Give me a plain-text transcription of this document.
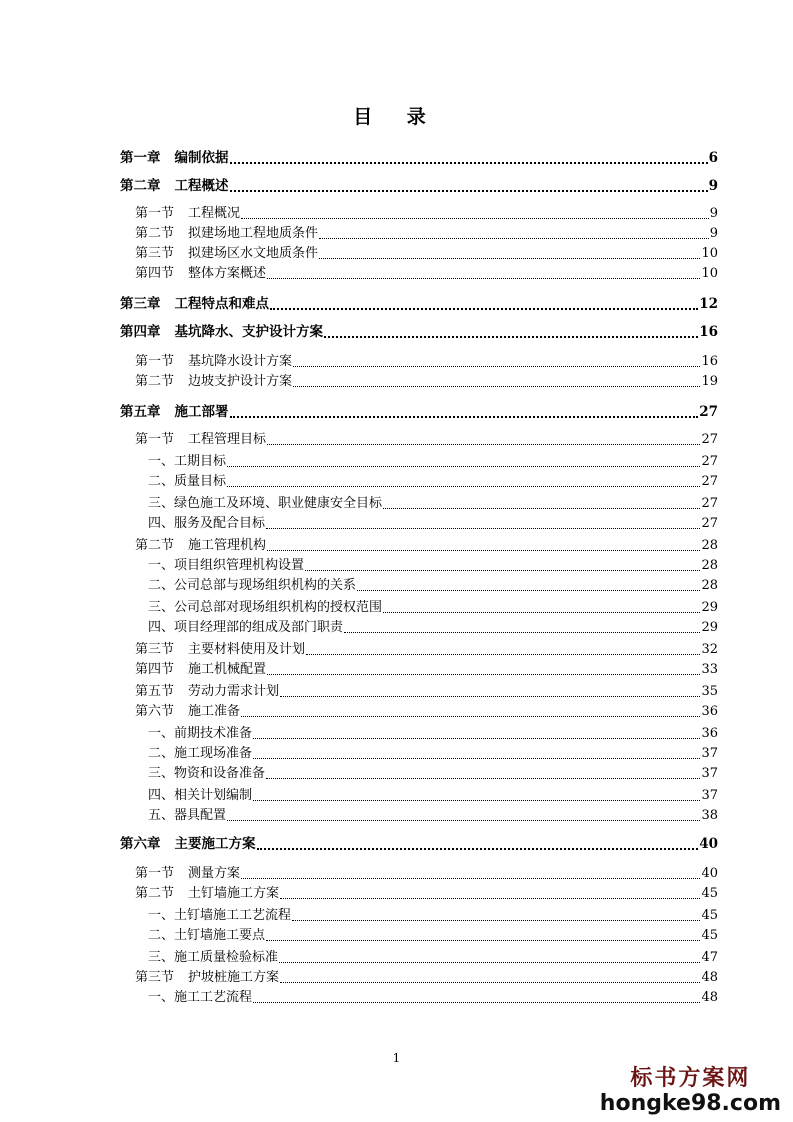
目 录
第一章 编制依据	6
第二章 工程概述	9
第一节 工程概况	9
第二节 拟建场地工程地质条件	9
第三节 拟建场区水文地质条件	10
第四节 整体方案概述	10
第三章 工程特点和难点	12
第四章 基坑降水、支护设计方案	16
第一节 基坑降水设计方案	16
第二节 边坡支护设计方案	19
第五章 施工部署	27
第一节 工程管理目标	27
一、工期目标	27
二、质量目标	27
三、绿色施工及环境、职业健康安全目标	27
四、服务及配合目标	27
第二节 施工管理机构	28
一、项目组织管理机构设置	28
二、公司总部与现场组织机构的关系	28
三、公司总部对现场组织机构的授权范围	29
四、项目经理部的组成及部门职责	29
第三节 主要材料使用及计划	32
第四节 施工机械配置	33
第五节 劳动力需求计划	35
第六节 施工准备	36
一、前期技术准备	36
二、施工现场准备	37
三、物资和设备准备	37
四、相关计划编制	37
五、器具配置	38
第六章 主要施工方案	40
第一节 测量方案	40
第二节 土钉墙施工方案	45
一、土钉墙施工工艺流程	45
二、土钉墙施工要点	45
三、施工质量检验标准	47
第三节 护坡桩施工方案	48
一、施工工艺流程	48
1
标书方案网
hongke98.com
